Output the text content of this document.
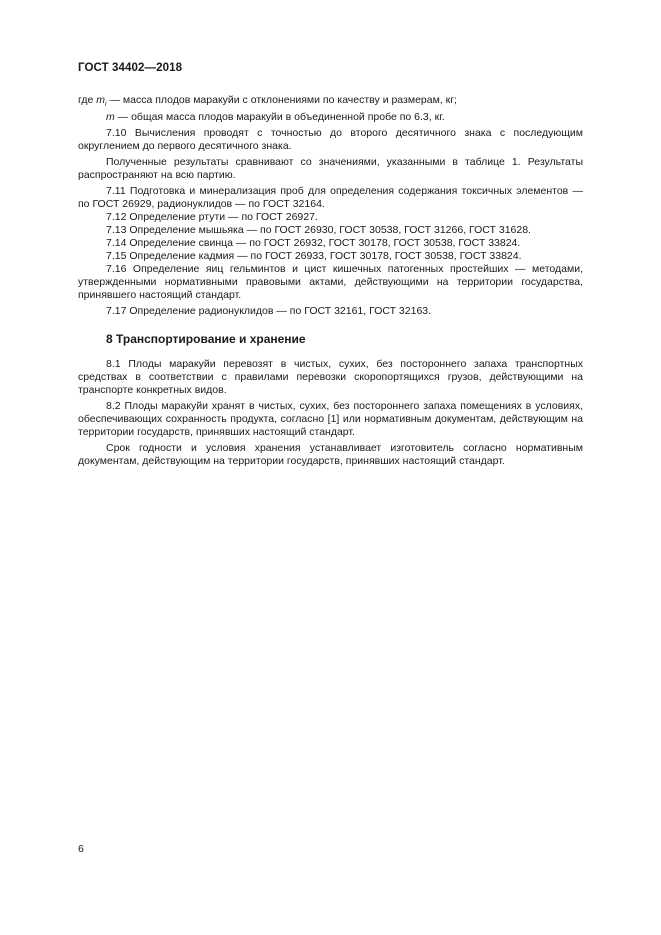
ГОСТ 34402—2018

где $m_i$ — масса плодов маракуйи с отклонениями по качеству и размерам, кг;

m — общая масса плодов маракуйи в объединенной пробе по 6.3, кг.

7.10 Вычисления проводят с точностью до второго десятичного знака с последующим округлением до первого десятичного знака.

Полученные результаты сравнивают со значениями, указанными в таблице 1. Результаты распространяют на всю партию.

7.11 Подготовка и минерализация проб для определения содержания токсичных элементов — по ГОСТ 26929, радионуклидов — по ГОСТ 32164.

7.12 Определение ртути — по ГОСТ 26927.

7.13 Определение мышьяка — по ГОСТ 26930, ГОСТ 30538, ГОСТ 31266, ГОСТ 31628.

7.14 Определение свинца — по ГОСТ 26932, ГОСТ 30178, ГОСТ 30538, ГОСТ 33824.

7.15 Определение кадмия — по ГОСТ 26933, ГОСТ 30178, ГОСТ 30538, ГОСТ 33824.

7.16 Определение яиц гельминтов и цист кишечных патогенных простейших — методами, утвержденными нормативными правовыми актами, действующими на территории государства, принявшего настоящий стандарт.

7.17 Определение радионуклидов — по ГОСТ 32161, ГОСТ 32163.

8 Транспортирование и хранение

8.1 Плоды маракуйи перевозят в чистых, сухих, без постороннего запаха транспортных средствах в соответствии с правилами перевозки скоропортящихся грузов, действующими на транспорте конкретных видов.

8.2 Плоды маракуйи хранят в чистых, сухих, без постороннего запаха помещениях в условиях, обеспечивающих сохранность продукта, согласно [1] или нормативным документам, действующим на территории государств, принявших настоящий стандарт.

Срок годности и условия хранения устанавливает изготовитель согласно нормативным документам, действующим на территории государств, принявших настоящий стандарт.

6
